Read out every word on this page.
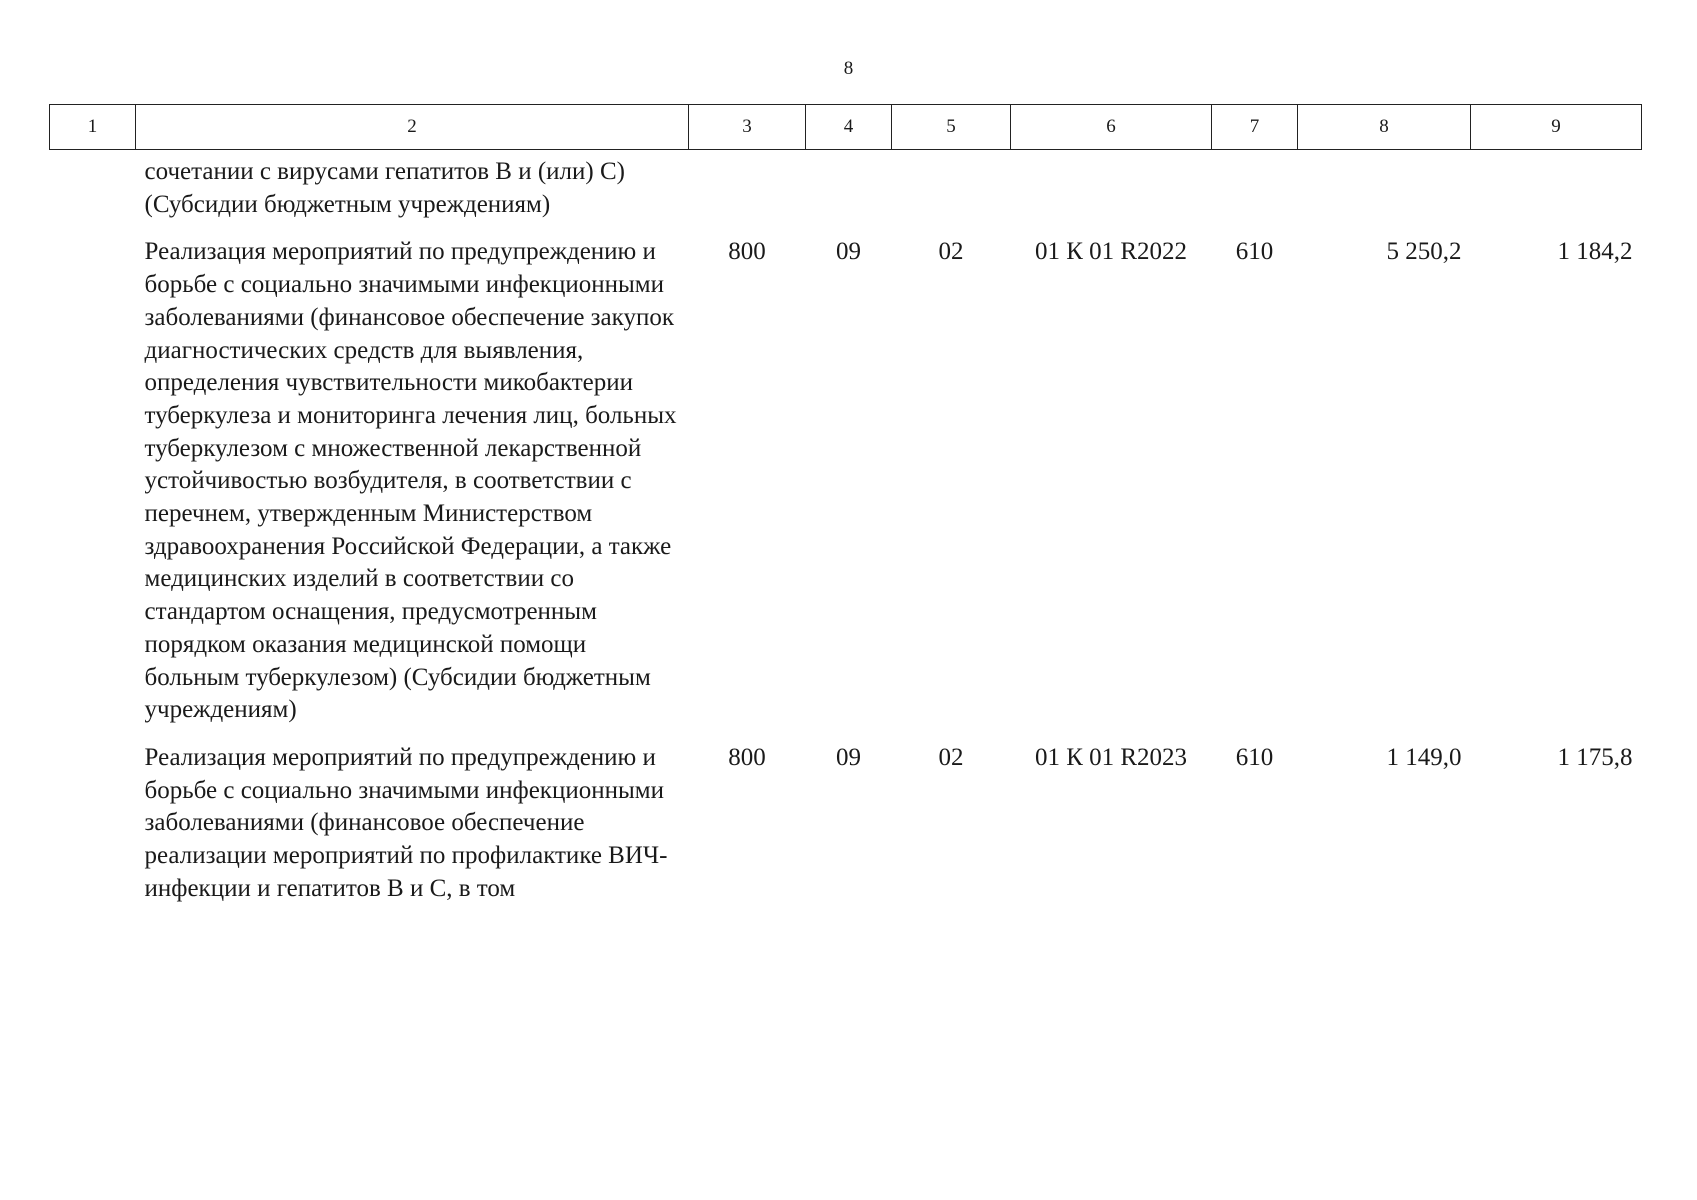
8
1	2	3	4	5	6	7	8	9
	сочетании с вирусами гепатитов В и (или) С) (Субсидии бюджетным учреждениям)							
	Реализация мероприятий по предупреждению и борьбе с социально значимыми инфекционными заболеваниями (финансовое обеспечение закупок диагностических средств для выявления, определения чувствительности микобактерии туберкулеза и мониторинга лечения лиц, больных туберкулезом с множественной лекарственной устойчивостью возбудителя, в соответствии с перечнем, утвержденным Министерством здравоохранения Российской Федерации, а также медицинских изделий в соответствии со стандартом оснащения, предусмотренным порядком оказания медицинской помощи больным туберкулезом) (Субсидии бюджетным учреждениям)	800	09	02	01 К 01 R2022	610	5 250,2	1 184,2
	Реализация мероприятий по предупреждению и борьбе с социально значимыми инфекционными заболеваниями (финансовое обеспечение реализации мероприятий по профилактике ВИЧ-инфекции и гепатитов В и С, в том	800	09	02	01 К 01 R2023	610	1 149,0	1 175,8
